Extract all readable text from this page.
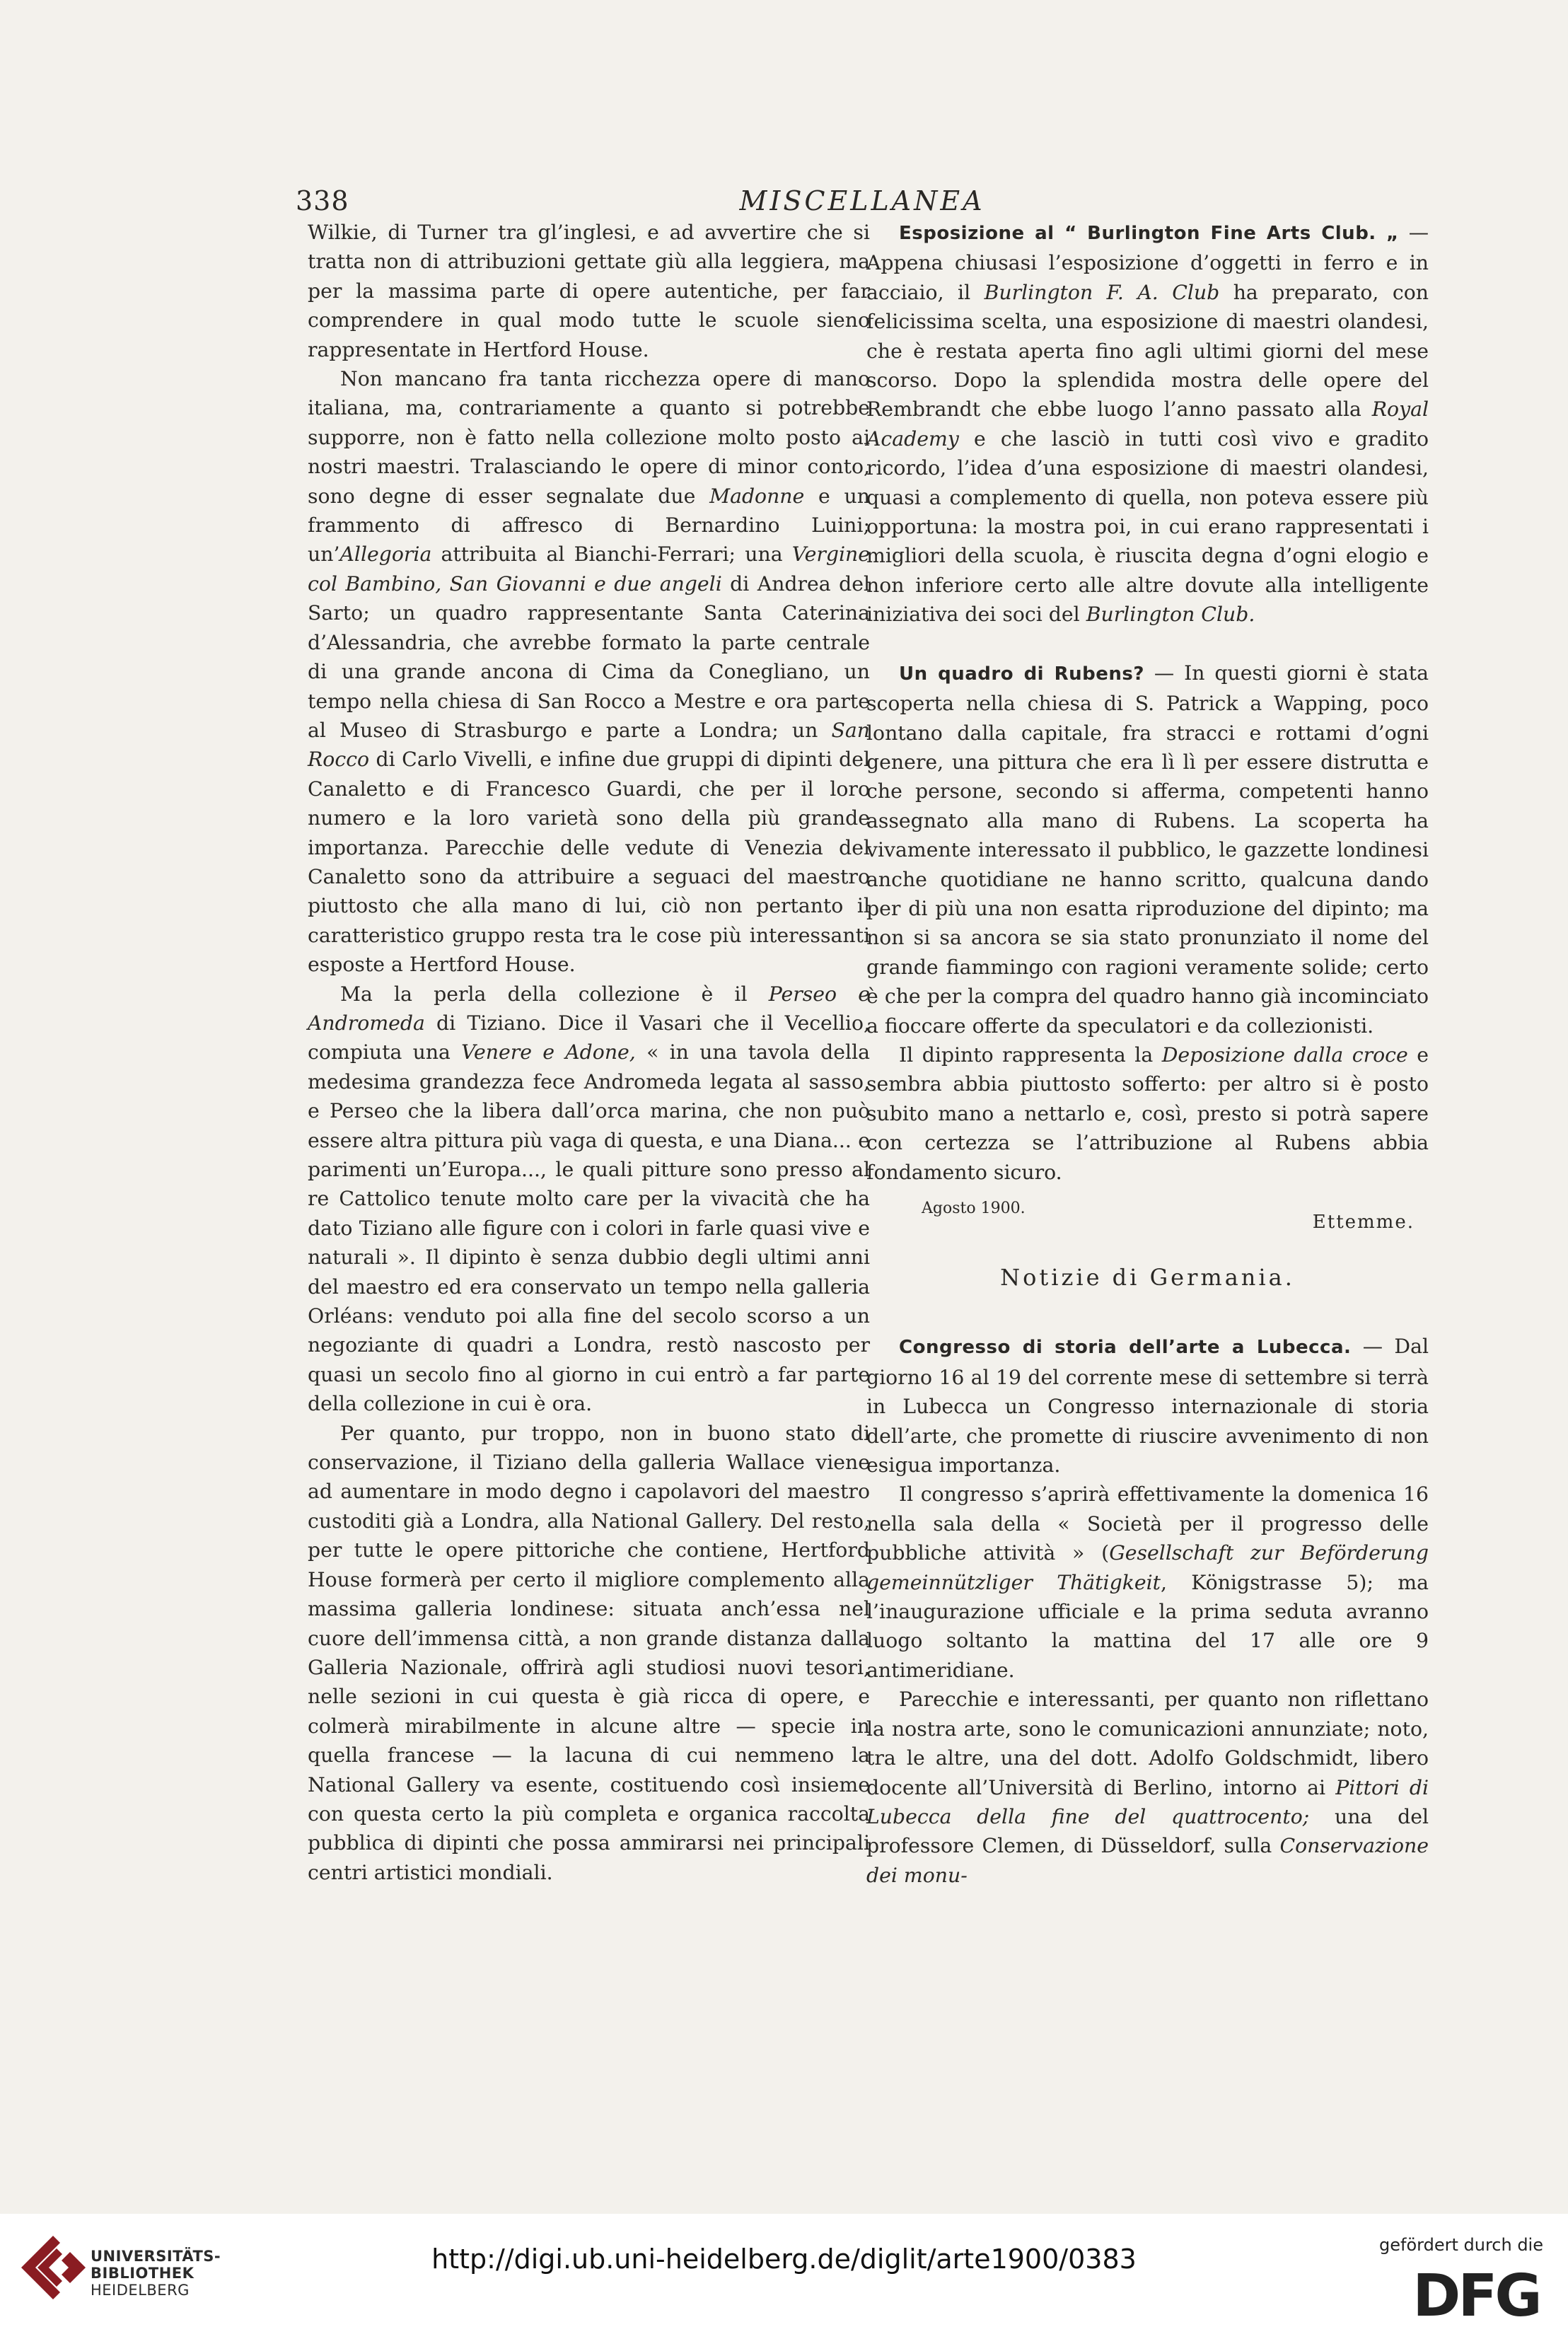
338	MISCELLANEA

Wilkie, di Turner tra gl’inglesi, e ad avvertire che si tratta non di attribuzioni gettate giù alla leggiera, ma per la massima parte di opere autentiche, per far comprendere in qual modo tutte le scuole sieno rappresentate in Hertford House.

Non mancano fra tanta ricchezza opere di mano italiana, ma, contrariamente a quanto si potrebbe supporre, non è fatto nella collezione molto posto ai nostri maestri. Tralasciando le opere di minor conto, sono degne di esser segnalate due Madonne e un frammento di affresco di Bernardino Luini; un’Allegoria attribuita al Bianchi-Ferrari; una Vergine col Bambino, San Giovanni e due angeli di Andrea del Sarto; un quadro rappresentante Santa Caterina d’Alessandria, che avrebbe formato la parte centrale di una grande ancona di Cima da Conegliano, un tempo nella chiesa di San Rocco a Mestre e ora parte al Museo di Strasburgo e parte a Londra; un San Rocco di Carlo Vivelli, e infine due gruppi di dipinti del Canaletto e di Francesco Guardi, che per il loro numero e la loro varietà sono della più grande importanza. Parecchie delle vedute di Venezia del Canaletto sono da attribuire a seguaci del maestro piuttosto che alla mano di lui, ciò non pertanto il caratteristico gruppo resta tra le cose più interessanti esposte a Hertford House.

Ma la perla della collezione è il Perseo e Andromeda di Tiziano. Dice il Vasari che il Vecellio, compiuta una Venere e Adone, « in una tavola della medesima grandezza fece Andromeda legata al sasso, e Perseo che la libera dall’orca marina, che non può essere altra pittura più vaga di questa, e una Diana... e parimenti un’Europa..., le quali pitture sono presso al re Cattolico tenute molto care per la vivacità che ha dato Tiziano alle figure con i colori in farle quasi vive e naturali ». Il dipinto è senza dubbio degli ultimi anni del maestro ed era conservato un tempo nella galleria Orléans: venduto poi alla fine del secolo scorso a un negoziante di quadri a Londra, restò nascosto per quasi un secolo fino al giorno in cui entrò a far parte della collezione in cui è ora.

Per quanto, pur troppo, non in buono stato di conservazione, il Tiziano della galleria Wallace viene ad aumentare in modo degno i capolavori del maestro custoditi già a Londra, alla National Gallery. Del resto, per tutte le opere pittoriche che contiene, Hertford House formerà per certo il migliore complemento alla massima galleria londinese: situata anch’essa nel cuore dell’immensa città, a non grande distanza dalla Galleria Nazionale, offrirà agli studiosi nuovi tesori, nelle sezioni in cui questa è già ricca di opere, e colmerà mirabilmente in alcune altre — specie in quella francese — la lacuna di cui nemmeno la National Gallery va esente, costituendo così insieme con questa certo la più completa e organica raccolta pubblica di dipinti che possa ammirarsi nei principali centri artistici mondiali.

Esposizione al “ Burlington Fine Arts Club. „ — Appena chiusasi l’esposizione d’oggetti in ferro e in acciaio, il Burlington F. A. Club ha preparato, con felicissima scelta, una esposizione di maestri olandesi, che è restata aperta fino agli ultimi giorni del mese scorso. Dopo la splendida mostra delle opere del Rembrandt che ebbe luogo l’anno passato alla Royal Academy e che lasciò in tutti così vivo e gradito ricordo, l’idea d’una esposizione di maestri olandesi, quasi a complemento di quella, non poteva essere più opportuna: la mostra poi, in cui erano rappresentati i migliori della scuola, è riuscita degna d’ogni elogio e non inferiore certo alle altre dovute alla intelligente iniziativa dei soci del Burlington Club.

Un quadro di Rubens? — In questi giorni è stata scoperta nella chiesa di S. Patrick a Wapping, poco lontano dalla capitale, fra stracci e rottami d’ogni genere, una pittura che era lì lì per essere distrutta e che persone, secondo si afferma, competenti hanno assegnato alla mano di Rubens. La scoperta ha vivamente interessato il pubblico, le gazzette londinesi anche quotidiane ne hanno scritto, qualcuna dando per di più una non esatta riproduzione del dipinto; ma non si sa ancora se sia stato pronunziato il nome del grande fiammingo con ragioni veramente solide; certo è che per la compra del quadro hanno già incominciato a fioccare offerte da speculatori e da collezionisti.

Il dipinto rappresenta la Deposizione dalla croce e sembra abbia piuttosto sofferto: per altro si è posto subito mano a nettarlo e, così, presto si potrà sapere con certezza se l’attribuzione al Rubens abbia fondamento sicuro.

Agosto 1900.
Ettemme.
Notizie di Germania.

Congresso di storia dell’arte a Lubecca. — Dal giorno 16 al 19 del corrente mese di settembre si terrà in Lubecca un Congresso internazionale di storia dell’arte, che promette di riuscire avvenimento di non esigua importanza.

Il congresso s’aprirà effettivamente la domenica 16 nella sala della « Società per il progresso delle pubbliche attività » (Gesellschaft zur Beförderung gemeinnützliger Thätigkeit, Königstrasse 5); ma l’inaugurazione ufficiale e la prima seduta avranno luogo soltanto la mattina del 17 alle ore 9 antimeridiane.

Parecchie e interessanti, per quanto non riflettano la nostra arte, sono le comunicazioni annunziate; noto, tra le altre, una del dott. Adolfo Goldschmidt, libero docente all’Università di Berlino, intorno ai Pittori di Lubecca della fine del quattrocento; una del professore Clemen, di Düsseldorf, sulla Conservazione dei monu-

UNIVERSITÄTS-
BIBLIOTHEK
HEIDELBERG
http://digi.ub.uni-heidelberg.de/diglit/arte1900/0383	gefördert durch die
DFG
